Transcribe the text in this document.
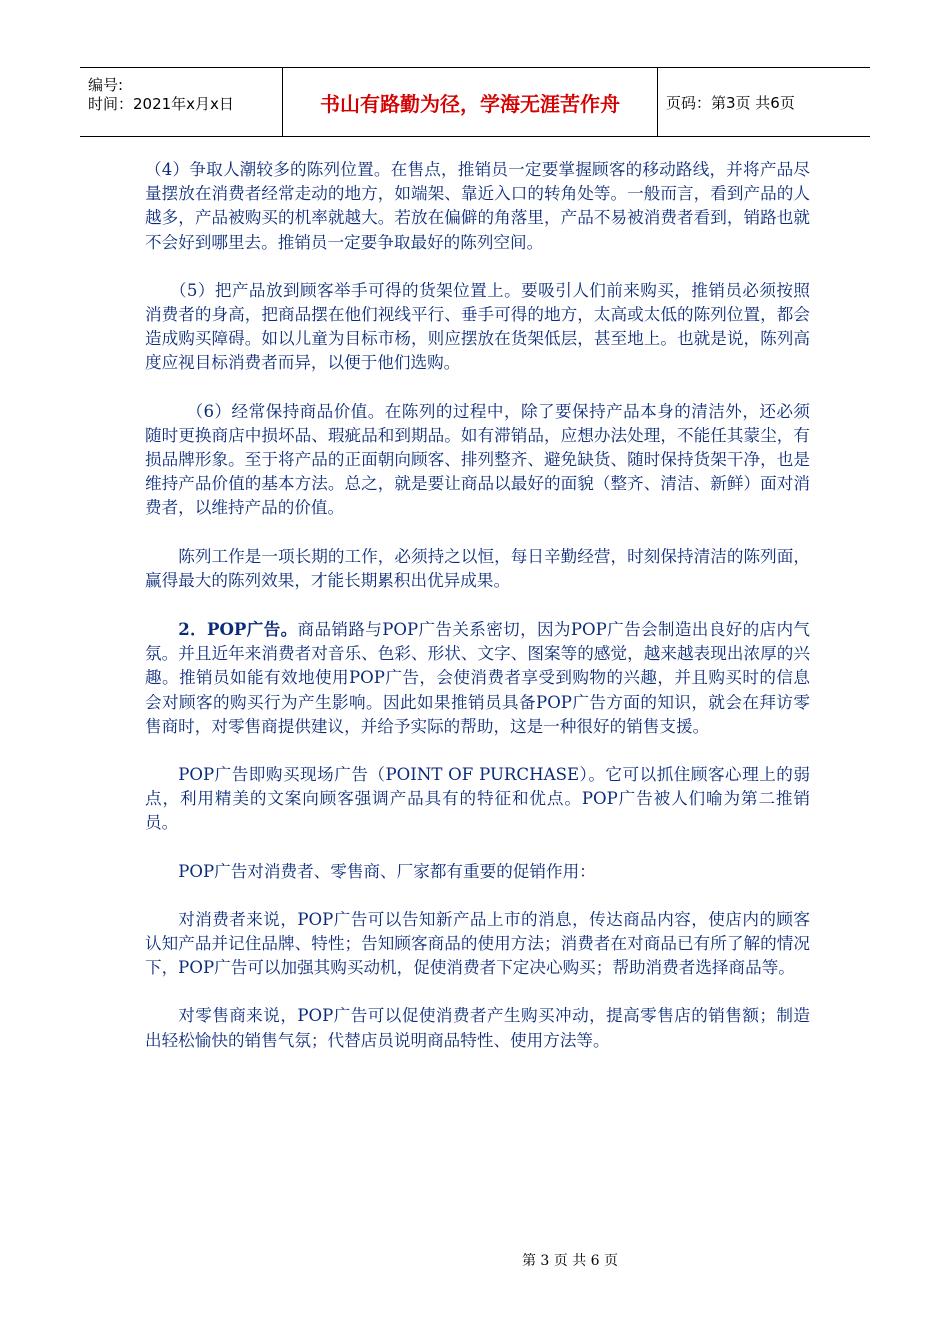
编号:
时间：2021年x月x日	书山有路勤为径，学海无涯苦作舟	页码：第3页 共6页

（4）争取人潮较多的陈列位置。在售点，推销员一定要掌握顾客的移动路线，并将产品尽量摆放在消费者经常走动的地方，如端架、靠近入口的转角处等。一般而言，看到产品的人越多，产品被购买的机率就越大。若放在偏僻的角落里，产品不易被消费者看到，销路也就不会好到哪里去。推销员一定要争取最好的陈列空间。

（5）把产品放到顾客举手可得的货架位置上。要吸引人们前来购买，推销员必须按照消费者的身高，把商品摆在他们视线平行、垂手可得的地方，太高或太低的陈列位置，都会造成购买障碍。如以儿童为目标市杨，则应摆放在货架低层，甚至地上。也就是说，陈列高度应视目标消费者而异，以便于他们选购。

（6）经常保持商品价值。在陈列的过程中，除了要保持产品本身的清洁外，还必须随时更换商店中损坏品、瑕疵品和到期品。如有滞销品，应想办法处理，不能任其蒙尘，有损品牌形象。至于将产品的正面朝向顾客、排列整齐、避免缺货、随时保持货架干净，也是维持产品价值的基本方法。总之，就是要让商品以最好的面貌（整齐、清洁、新鲜）面对消费者，以维持产品的价值。

陈列工作是一项长期的工作，必须持之以恒，每日辛勤经营，时刻保持清洁的陈列面，赢得最大的陈列效果，才能长期累积出优异成果。

2．POP广告。商品销路与POP广告关系密切，因为POP广告会制造出良好的店内气氛。并且近年来消费者对音乐、色彩、形状、文字、图案等的感觉，越来越表现出浓厚的兴趣。推销员如能有效地使用POP广告，会使消费者享受到购物的兴趣，并且购买时的信息会对顾客的购买行为产生影响。因此如果推销员具备POP广告方面的知识，就会在拜访零售商时，对零售商提供建议，并给予实际的帮助，这是一种很好的销售支援。

POP广告即购买现场广告（POINT OF PURCHASE）。它可以抓住顾客心理上的弱点，利用精美的文案向顾客强调产品具有的特征和优点。POP广告被人们喻为第二推销员。

POP广告对消费者、零售商、厂家都有重要的促销作用：

对消费者来说，POP广告可以告知新产品上市的消息，传达商品内容，使店内的顾客认知产品并记住品牌、特性；告知顾客商品的使用方法；消费者在对商品已有所了解的情况下，POP广告可以加强其购买动机，促使消费者下定决心购买；帮助消费者选择商品等。

对零售商来说，POP广告可以促使消费者产生购买冲动，提高零售店的销售额；制造出轻松愉快的销售气氛；代替店员说明商品特性、使用方法等。

第 3 页 共 6 页
